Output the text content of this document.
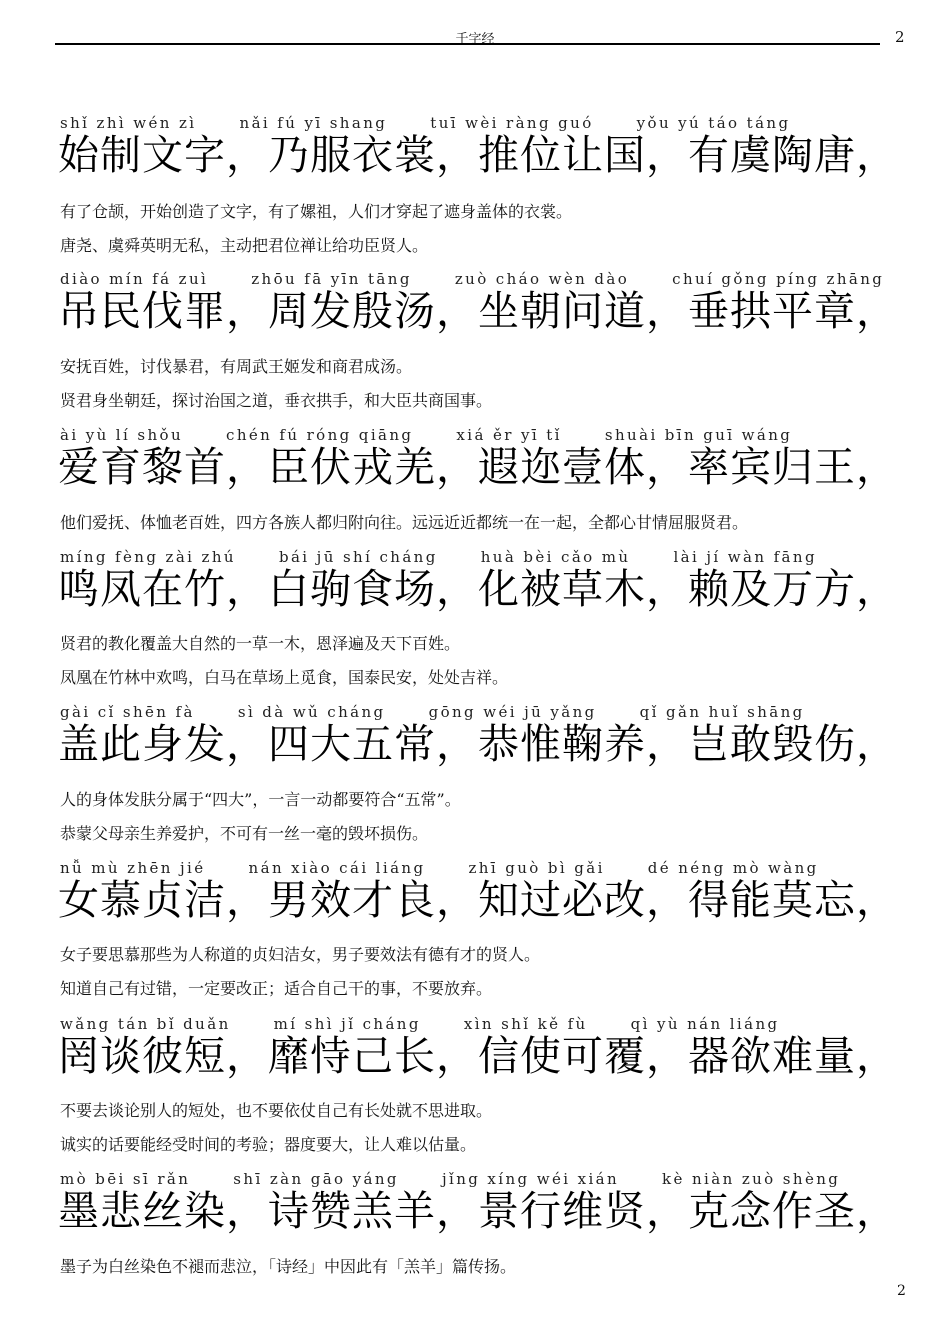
千字经	2
shǐ zhì wén zì      nǎi fú yī shang      tuī wèi ràng guó      yǒu yú táo táng
始制文字，乃服衣裳，推位让国，有虞陶唐，
有了仓颉，开始创造了文字，有了嫘祖，人们才穿起了遮身盖体的衣裳。
唐尧、虞舜英明无私，主动把君位禅让给功臣贤人。
diào mín fá zuì      zhōu fā yīn tāng      zuò cháo wèn dào      chuí gǒng píng zhāng
吊民伐罪，周发殷汤，坐朝问道，垂拱平章，
安抚百姓，讨伐暴君，有周武王姬发和商君成汤。
贤君身坐朝廷，探讨治国之道，垂衣拱手，和大臣共商国事。
ài yù lí shǒu      chén fú róng qiāng      xiá ěr yī tǐ      shuài bīn guī wáng
爱育黎首，臣伏戎羌，遐迩壹体，率宾归王，
他们爱抚、体恤老百姓，四方各族人都归附向往。远远近近都统一在一起，全都心甘情屈服贤君。
míng fèng zài zhú      bái jū shí cháng      huà bèi cǎo mù      lài jí wàn fāng
鸣凤在竹，白驹食场，化被草木，赖及万方，
贤君的教化覆盖大自然的一草一木，恩泽遍及天下百姓。
凤凰在竹林中欢鸣，白马在草场上觅食，国泰民安，处处吉祥。
gài cǐ shēn fà      sì dà wǔ cháng      gōng wéi jū yǎng      qǐ gǎn huǐ shāng
盖此身发，四大五常，恭惟鞠养，岂敢毁伤，
人的身体发肤分属于“四大”，一言一动都要符合“五常”。
恭蒙父母亲生养爱护，不可有一丝一毫的毁坏损伤。
nǚ mù zhēn jié      nán xiào cái liáng      zhī guò bì gǎi      dé néng mò wàng
女慕贞洁，男效才良，知过必改，得能莫忘，
女子要思慕那些为人称道的贞妇洁女，男子要效法有德有才的贤人。
知道自己有过错，一定要改正；适合自己干的事，不要放弃。
wǎng tán bǐ duǎn      mí shì jǐ cháng      xìn shǐ kě fù      qì yù nán liáng
罔谈彼短，靡恃己长，信使可覆，器欲难量，
不要去谈论别人的短处，也不要依仗自己有长处就不思进取。
诚实的话要能经受时间的考验；器度要大，让人难以估量。
mò bēi sī rǎn      shī zàn gāo yáng      jǐng xíng wéi xián      kè niàn zuò shèng
墨悲丝染，诗赞羔羊，景行维贤，克念作圣，
墨子为白丝染色不褪而悲泣，「诗经」中因此有「羔羊」篇传扬。
2
